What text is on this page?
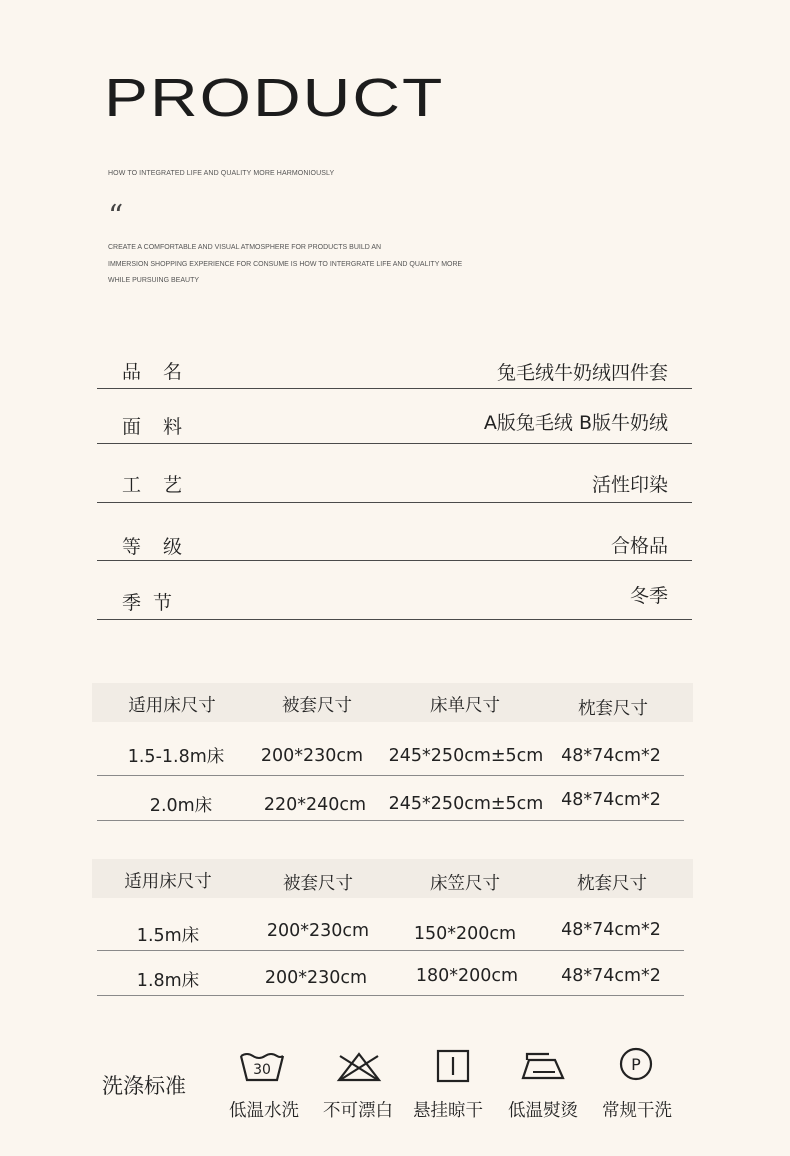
PRODUCT
HOW TO INTEGRATED LIFE AND QUALITY MORE HARMONIOUSLY
“
CREATE A COMFORTABLE AND VISUAL ATMOSPHERE FOR PRODUCTS BUILD AN
IMMERSION SHOPPING EXPERIENCE FOR CONSUME IS HOW TO INTERGRATE LIFE AND QUALITY MORE
WHILE PURSUING BEAUTY
品名	兔毛绒牛奶绒四件套
面料	A版兔毛绒 B版牛奶绒
工艺	活性印染
等级	合格品
季节	冬季
适用床尺寸	被套尺寸	床单尺寸	枕套尺寸
1.5-1.8m床 200*230cm 245*250cm±5cm 48*74cm*2
2.0m床	220*240cm 245*250cm±5cm 48*74cm*2
适用床尺寸	被套尺寸	床笠尺寸	枕套尺寸
1.5m床	200*230cm	150*200cm	48*74cm*2
1.8m床	200*230cm	180*200cm 48*74cm*2
洗涤标准
30
低温水洗 不可漂白 悬挂晾干 低温熨烫
P
常规干洗
